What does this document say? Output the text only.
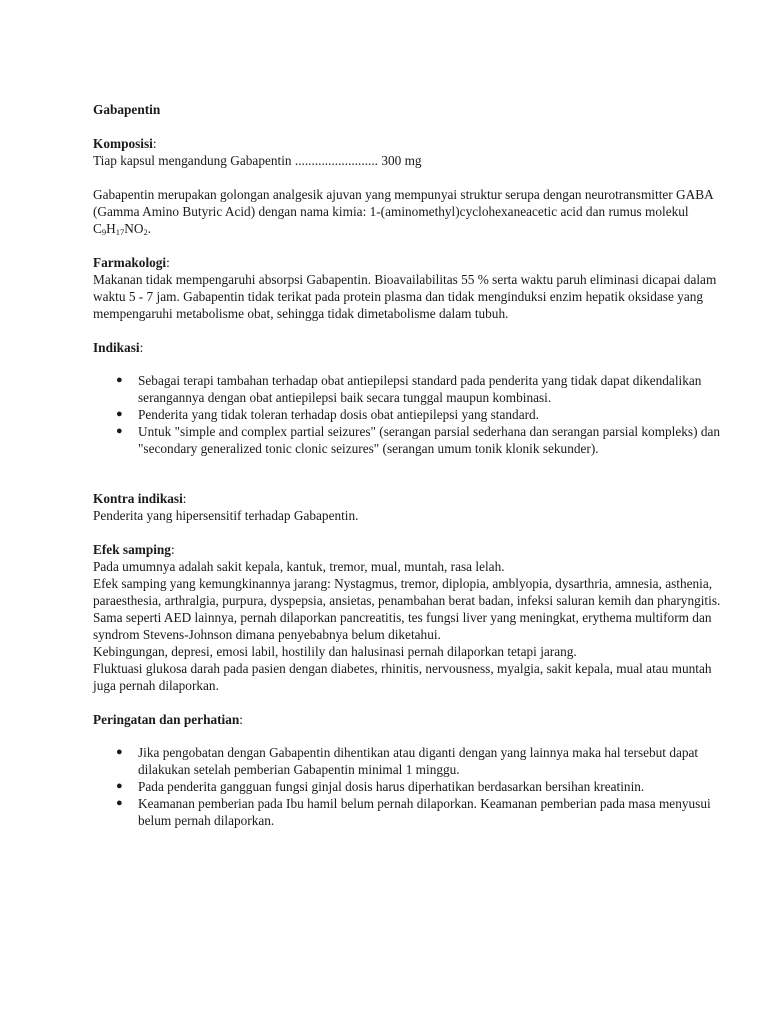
Gabapentin

Komposisi:

Tiap kapsul mengandung Gabapentin ......................... 300 mg

Gabapentin merupakan golongan analgesik ajuvan yang mempunyai struktur serupa dengan neurotransmitter GABA (Gamma Amino Butyric Acid) dengan nama kimia: 1-(aminomethyl)cyclohexaneacetic acid dan rumus molekul $C_9H_{17}NO_2$.

Farmakologi:

Makanan tidak mempengaruhi absorpsi Gabapentin. Bioavailabilitas 55 % serta waktu paruh eliminasi dicapai dalam waktu 5 - 7 jam. Gabapentin tidak terikat pada protein plasma dan tidak menginduksi enzim hepatik oksidase yang mempengaruhi metabolisme obat, sehingga tidak dimetabolisme dalam tubuh.

Indikasi:

● Sebagai terapi tambahan terhadap obat antiepilepsi standard pada penderita yang tidak dapat dikendalikan serangannya dengan obat antiepilepsi baik secara tunggal maupun kombinasi.
● Penderita yang tidak toleran terhadap dosis obat antiepilepsi yang standard.
● Untuk "simple and complex partial seizures" (serangan parsial sederhana dan serangan parsial kompleks) dan "secondary generalized tonic clonic seizures" (serangan umum tonik klonik sekunder).

Kontra indikasi:

Penderita yang hipersensitif terhadap Gabapentin.

Efek samping:

Pada umumnya adalah sakit kepala, kantuk, tremor, mual, muntah, rasa lelah.

Efek samping yang kemungkinannya jarang: Nystagmus, tremor, diplopia, amblyopia, dysarthria, amnesia, asthenia, paraesthesia, arthralgia, purpura, dyspepsia, ansietas, penambahan berat badan, infeksi saluran kemih dan pharyngitis.

Sama seperti AED lainnya, pernah dilaporkan pancreatitis, tes fungsi liver yang meningkat, erythema multiform dan syndrom Stevens-Johnson dimana penyebabnya belum diketahui.

Kebingungan, depresi, emosi labil, hostilily dan halusinasi pernah dilaporkan tetapi jarang.

Fluktuasi glukosa darah pada pasien dengan diabetes, rhinitis, nervousness, myalgia, sakit kepala, mual atau muntah juga pernah dilaporkan.

Peringatan dan perhatian:

● Jika pengobatan dengan Gabapentin dihentikan atau diganti dengan yang lainnya maka hal tersebut dapat dilakukan setelah pemberian Gabapentin minimal 1 minggu.
● Pada penderita gangguan fungsi ginjal dosis harus diperhatikan berdasarkan bersihan kreatinin.
● Keamanan pemberian pada Ibu hamil belum pernah dilaporkan. Keamanan pemberian pada masa menyusui belum pernah dilaporkan.
